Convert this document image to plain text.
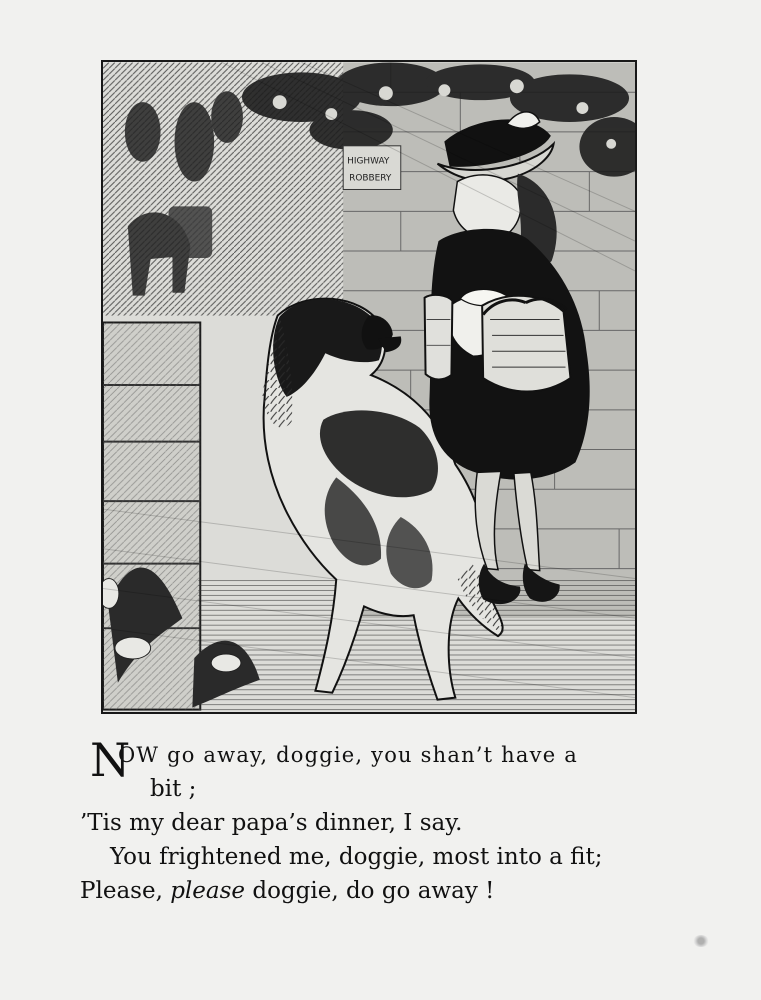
HIGHWAY
ROBBERY
N
OW go away, doggie, you shan’t have a
bit ;
’Tis my dear papa’s dinner, I say.
You frightened me, doggie, most into a fit;
Please, please doggie, do go away !
